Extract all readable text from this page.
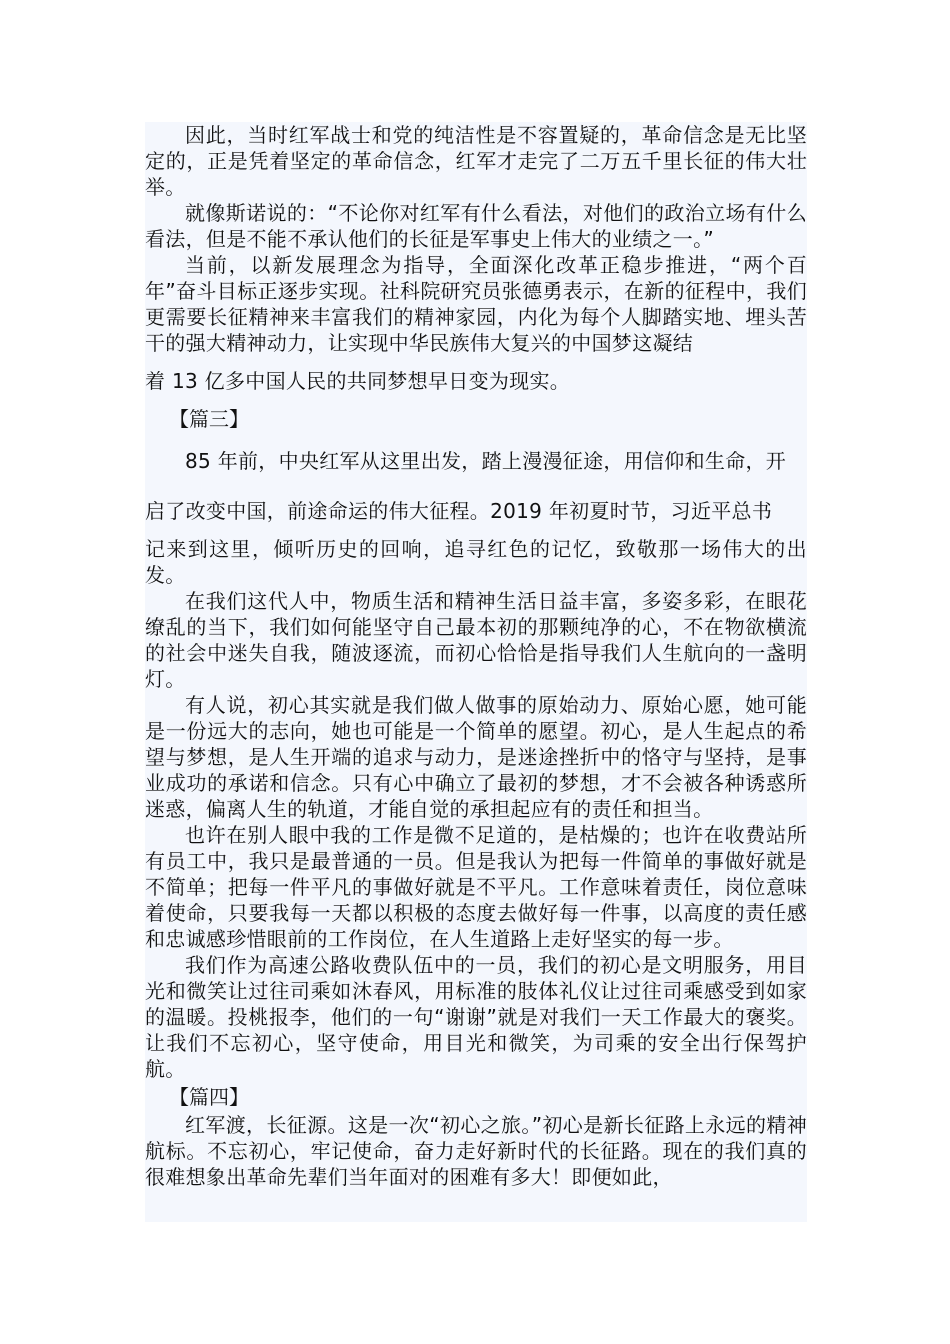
因此，当时红军战士和党的纯洁性是不容置疑的，革命信念是无比坚定的，正是凭着坚定的革命信念，红军才走完了二万五千里长征的伟大壮举。

就像斯诺说的：“不论你对红军有什么看法，对他们的政治立场有什么看法，但是不能不承认他们的长征是军事史上伟大的业绩之一。”

当前，以新发展理念为指导，全面深化改革正稳步推进，“两个百年”奋斗目标正逐步实现。社科院研究员张德勇表示，在新的征程中，我们更需要长征精神来丰富我们的精神家园，内化为每个人脚踏实地、埋头苦干的强大精神动力，让实现中华民族伟大复兴的中国梦这凝结

着 13 亿多中国人民的共同梦想早日变为现实。

【篇三】

85 年前，中央红军从这里出发，踏上漫漫征途，用信仰和生命，开

启了改变中国，前途命运的伟大征程。2019 年初夏时节，习近平总书

记来到这里，倾听历史的回响，追寻红色的记忆，致敬那一场伟大的出发。

在我们这代人中，物质生活和精神生活日益丰富，多姿多彩，在眼花缭乱的当下，我们如何能坚守自己最本初的那颗纯净的心，不在物欲横流的社会中迷失自我，随波逐流，而初心恰恰是指导我们人生航向的一盏明灯。

有人说，初心其实就是我们做人做事的原始动力、原始心愿，她可能是一份远大的志向，她也可能是一个简单的愿望。初心，是人生起点的希望与梦想，是人生开端的追求与动力，是迷途挫折中的恪守与坚持，是事业成功的承诺和信念。只有心中确立了最初的梦想，才不会被各种诱惑所迷惑，偏离人生的轨道，才能自觉的承担起应有的责任和担当。

也许在别人眼中我的工作是微不足道的，是枯燥的；也许在收费站所有员工中，我只是最普通的一员。但是我认为把每一件简单的事做好就是不简单；把每一件平凡的事做好就是不平凡。工作意味着责任，岗位意味着使命，只要我每一天都以积极的态度去做好每一件事，以高度的责任感和忠诚感珍惜眼前的工作岗位，在人生道路上走好坚实的每一步。

我们作为高速公路收费队伍中的一员，我们的初心是文明服务，用目光和微笑让过往司乘如沐春风，用标准的肢体礼仪让过往司乘感受到如家的温暖。投桃报李，他们的一句“谢谢”就是对我们一天工作最大的褒奖。让我们不忘初心，坚守使命，用目光和微笑，为司乘的安全出行保驾护航。

【篇四】

红军渡，长征源。这是一次“初心之旅。”初心是新长征路上永远的精神航标。不忘初心，牢记使命，奋力走好新时代的长征路。现在的我们真的很难想象出革命先辈们当年面对的困难有多大！即便如此，
